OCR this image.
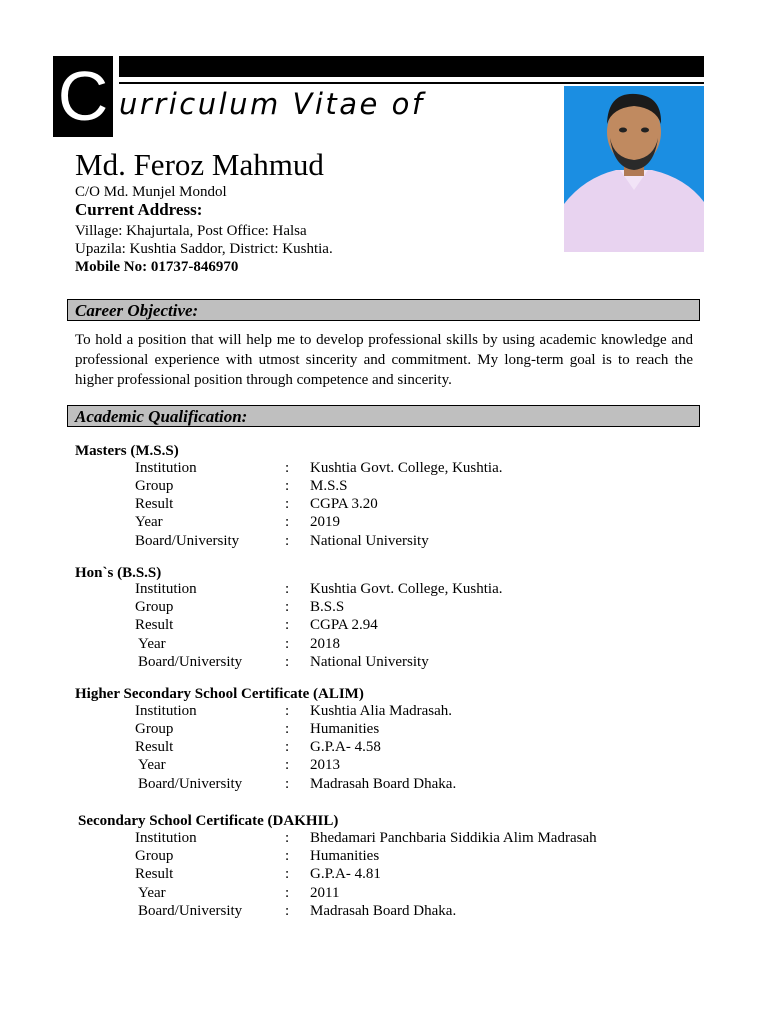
C urriculum Vitae of
Md. Feroz Mahmud
C/O Md. Munjel Mondol
Current Address:
Village: Khajurtala, Post Office: Halsa
Upazila: Kushtia Saddor, District: Kushtia.
Mobile No: 01737-846970
Career Objective:
To hold a position that will help me to develop professional skills by using academic knowledge and professional experience with utmost sincerity and commitment. My long-term goal is to reach the higher professional position through competence and sincerity.
Academic Qualification:
Masters (M.S.S)
Institution	: Kushtia Govt. College, Kushtia.
Group	: M.S.S
Result	: CGPA 3.20
Year	: 2019
Board/University	: National University
Hon`s (B.S.S)
Institution	: Kushtia Govt. College, Kushtia.
Group	: B.S.S
Result	: CGPA 2.94
Year	: 2018
Board/University	: National University
Higher Secondary School Certificate (ALIM)
Institution	: Kushtia Alia Madrasah.
Group	: Humanities
Result	: G.P.A- 4.58
Year	: 2013
Board/University	: Madrasah Board Dhaka.
Secondary School Certificate (DAKHIL)
Institution	: Bhedamari Panchbaria Siddikia Alim Madrasah
Group	: Humanities
Result	: G.P.A- 4.81
Year	: 2011
Board/University	: Madrasah Board Dhaka.
